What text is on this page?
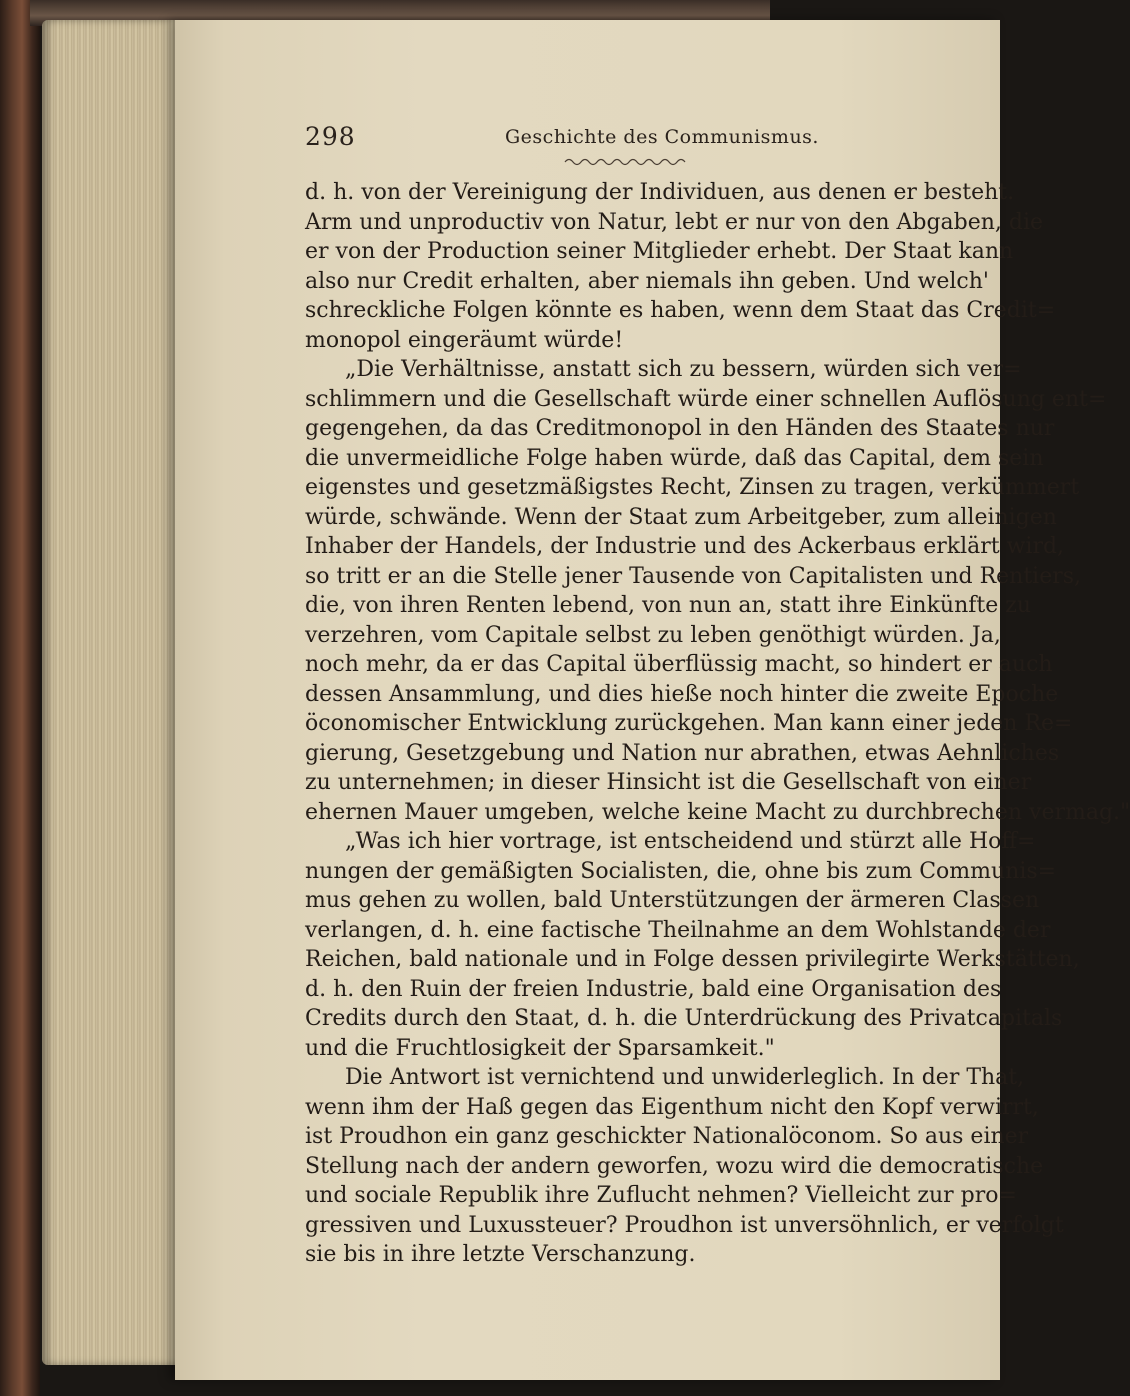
298	Geschichte des Communismus.
d. h. von der Vereinigung der Individuen, aus denen er besteht.
Arm und unproductiv von Natur, lebt er nur von den Abgaben, die
er von der Production seiner Mitglieder erhebt. Der Staat kann
also nur Credit erhalten, aber niemals ihn geben. Und welch'
schreckliche Folgen könnte es haben, wenn dem Staat das Credit=
monopol eingeräumt würde!
„Die Verhältnisse, anstatt sich zu bessern, würden sich ver=
schlimmern und die Gesellschaft würde einer schnellen Auflösung ent=
gegengehen, da das Creditmonopol in den Händen des Staates nur
die unvermeidliche Folge haben würde, daß das Capital, dem sein
eigenstes und gesetzmäßigstes Recht, Zinsen zu tragen, verkümmert
würde, schwände. Wenn der Staat zum Arbeitgeber, zum alleinigen
Inhaber der Handels, der Industrie und des Ackerbaus erklärt wird,
so tritt er an die Stelle jener Tausende von Capitalisten und Rentiers,
die, von ihren Renten lebend, von nun an, statt ihre Einkünfte zu
verzehren, vom Capitale selbst zu leben genöthigt würden. Ja,
noch mehr, da er das Capital überflüssig macht, so hindert er auch
dessen Ansammlung, und dies hieße noch hinter die zweite Epoche
öconomischer Entwicklung zurückgehen. Man kann einer jeden Re=
gierung, Gesetzgebung und Nation nur abrathen, etwas Aehnliches
zu unternehmen; in dieser Hinsicht ist die Gesellschaft von einer
ehernen Mauer umgeben, welche keine Macht zu durchbrechen vermag."
„Was ich hier vortrage, ist entscheidend und stürzt alle Hoff=
nungen der gemäßigten Socialisten, die, ohne bis zum Communis=
mus gehen zu wollen, bald Unterstützungen der ärmeren Classen
verlangen, d. h. eine factische Theilnahme an dem Wohlstande der
Reichen, bald nationale und in Folge dessen privilegirte Werkstätten,
d. h. den Ruin der freien Industrie, bald eine Organisation des
Credits durch den Staat, d. h. die Unterdrückung des Privatcapitals
und die Fruchtlosigkeit der Sparsamkeit."
Die Antwort ist vernichtend und unwiderleglich. In der That,
wenn ihm der Haß gegen das Eigenthum nicht den Kopf verwirrt,
ist Proudhon ein ganz geschickter Nationalöconom. So aus einer
Stellung nach der andern geworfen, wozu wird die democratische
und sociale Republik ihre Zuflucht nehmen? Vielleicht zur pro=
gressiven und Luxussteuer? Proudhon ist unversöhnlich, er verfolgt
sie bis in ihre letzte Verschanzung.
